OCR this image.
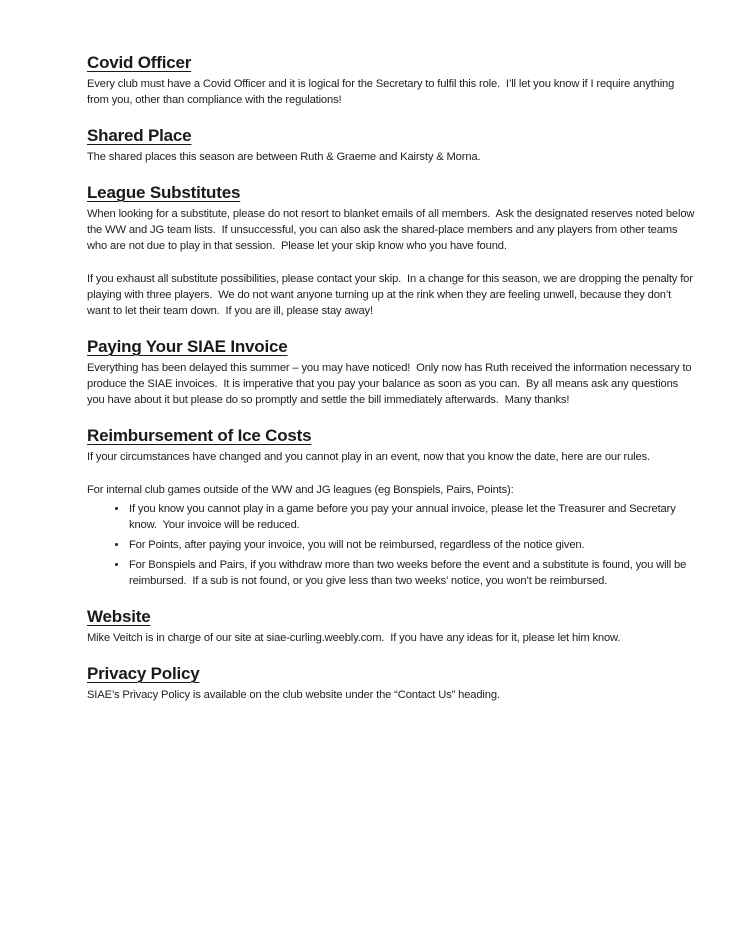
Covid Officer

Every club must have a Covid Officer and it is logical for the Secretary to fulfil this role.  I’ll let you know if I require anything from you, other than compliance with the regulations!

Shared Place

The shared places this season are between Ruth & Graeme and Kairsty & Morna.

League Substitutes

When looking for a substitute, please do not resort to blanket emails of all members.  Ask the designated reserves noted below the WW and JG team lists.  If unsuccessful, you can also ask the shared-place members and any players from other teams who are not due to play in that session.  Please let your skip know who you have found.

If you exhaust all substitute possibilities, please contact your skip.  In a change for this season, we are dropping the penalty for playing with three players.  We do not want anyone turning up at the rink when they are feeling unwell, because they don’t want to let their team down.  If you are ill, please stay away!

Paying Your SIAE Invoice

Everything has been delayed this summer – you may have noticed!  Only now has Ruth received the information necessary to produce the SIAE invoices.  It is imperative that you pay your balance as soon as you can.  By all means ask any questions you have about it but please do so promptly and settle the bill immediately afterwards.  Many thanks!

Reimbursement of Ice Costs

If your circumstances have changed and you cannot play in an event, now that you know the date, here are our rules.

For internal club games outside of the WW and JG leagues (eg Bonspiels, Pairs, Points):

• If you know you cannot play in a game before you pay your annual invoice, please let the Treasurer and Secretary know.  Your invoice will be reduced.
• For Points, after paying your invoice, you will not be reimbursed, regardless of the notice given.
• For Bonspiels and Pairs, if you withdraw more than two weeks before the event and a substitute is found, you will be reimbursed.  If a sub is not found, or you give less than two weeks’ notice, you won’t be reimbursed.
Website

Mike Veitch is in charge of our site at siae-curling.weebly.com.  If you have any ideas for it, please let him know.

Privacy Policy

SIAE’s Privacy Policy is available on the club website under the “Contact Us” heading.
